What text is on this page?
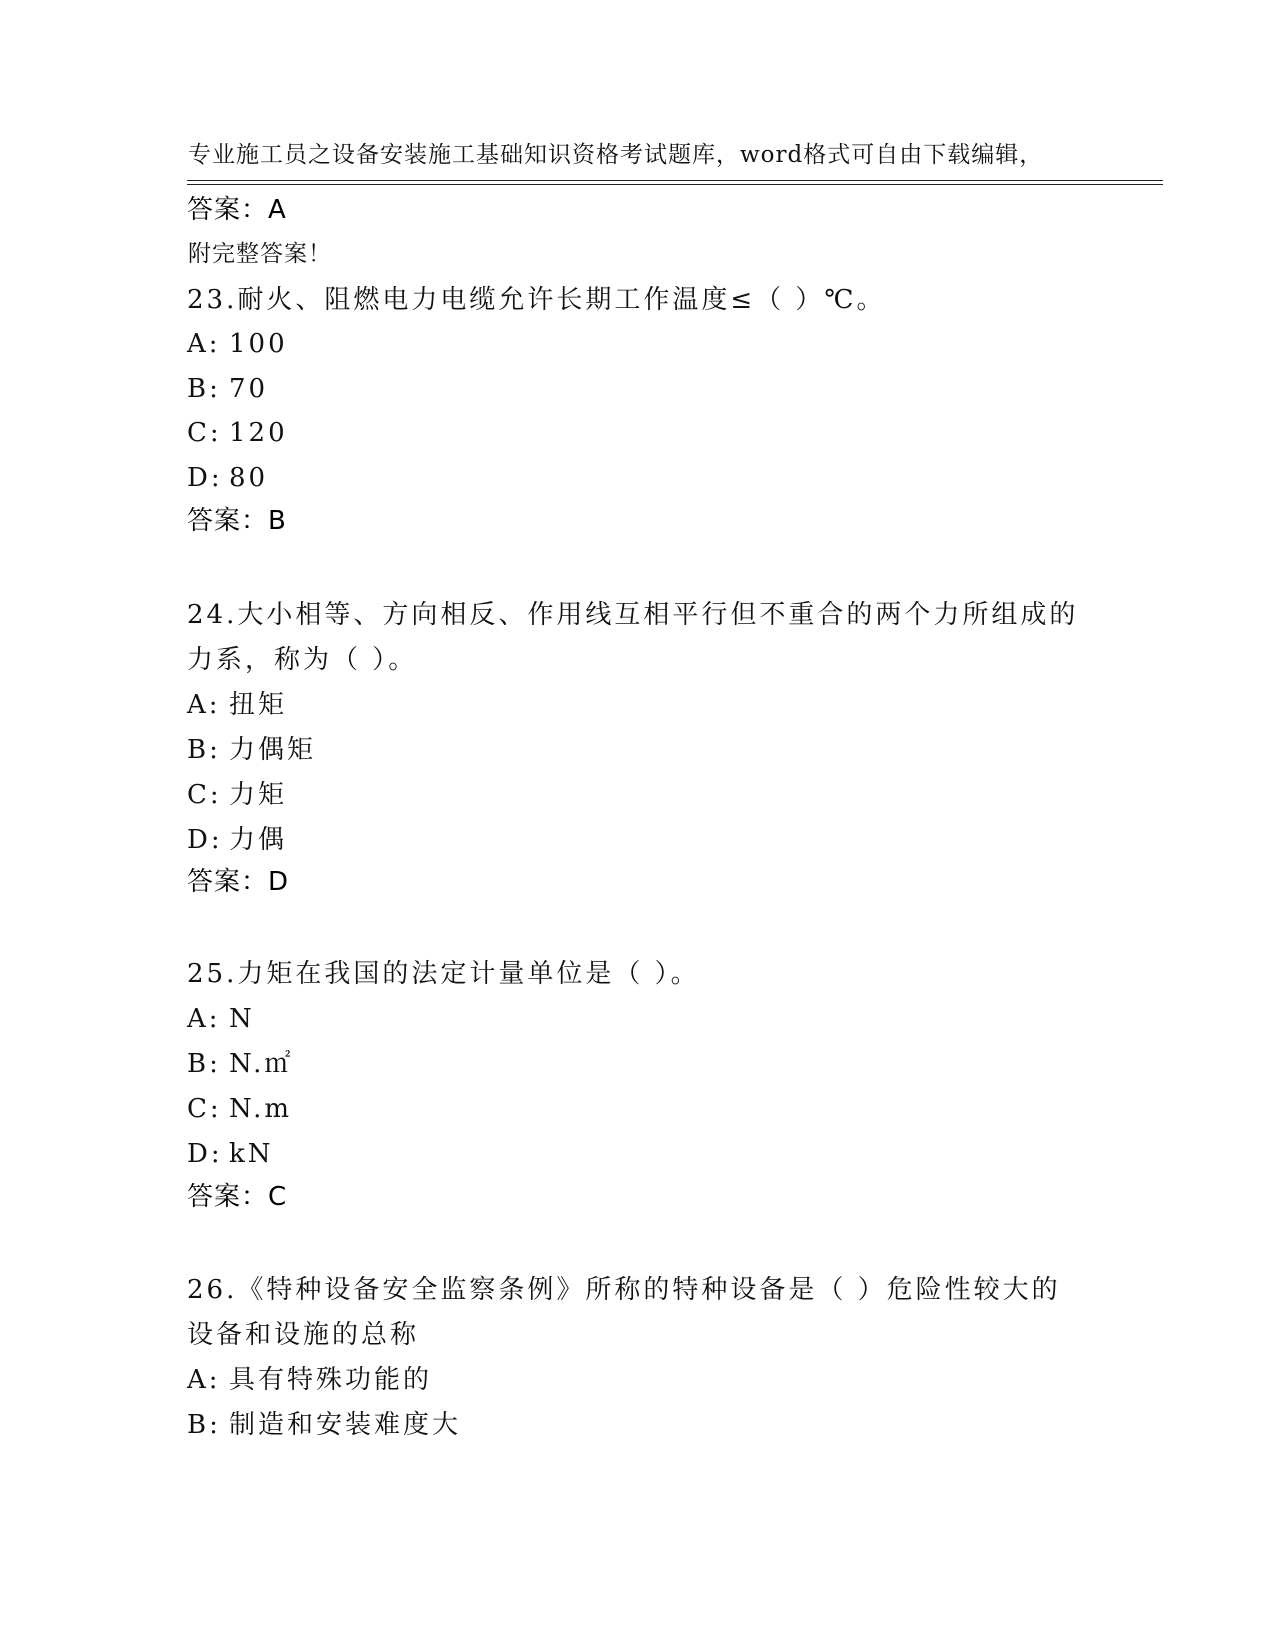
专业施工员之设备安装施工基础知识资格考试题库，word格式可自由下载编辑，

附完整答案！

答案：A
23.耐火、阻燃电力电缆允许长期工作温度≤（ ）℃。
A: 100
B: 70
C: 120
D: 80
答案：B
24.大小相等、方向相反、作用线互相平行但不重合的两个力所组成的
力系，称为（ ）。
A: 扭矩
B: 力偶矩
C: 力矩
D: 力偶
答案：D
25.力矩在我国的法定计量单位是（ ）。
A: N
B: N.㎡
C: N.m
D: kN
答案：C
26.《特种设备安全监察条例》所称的特种设备是（ ）危险性较大的
设备和设施的总称
A: 具有特殊功能的
B: 制造和安装难度大
